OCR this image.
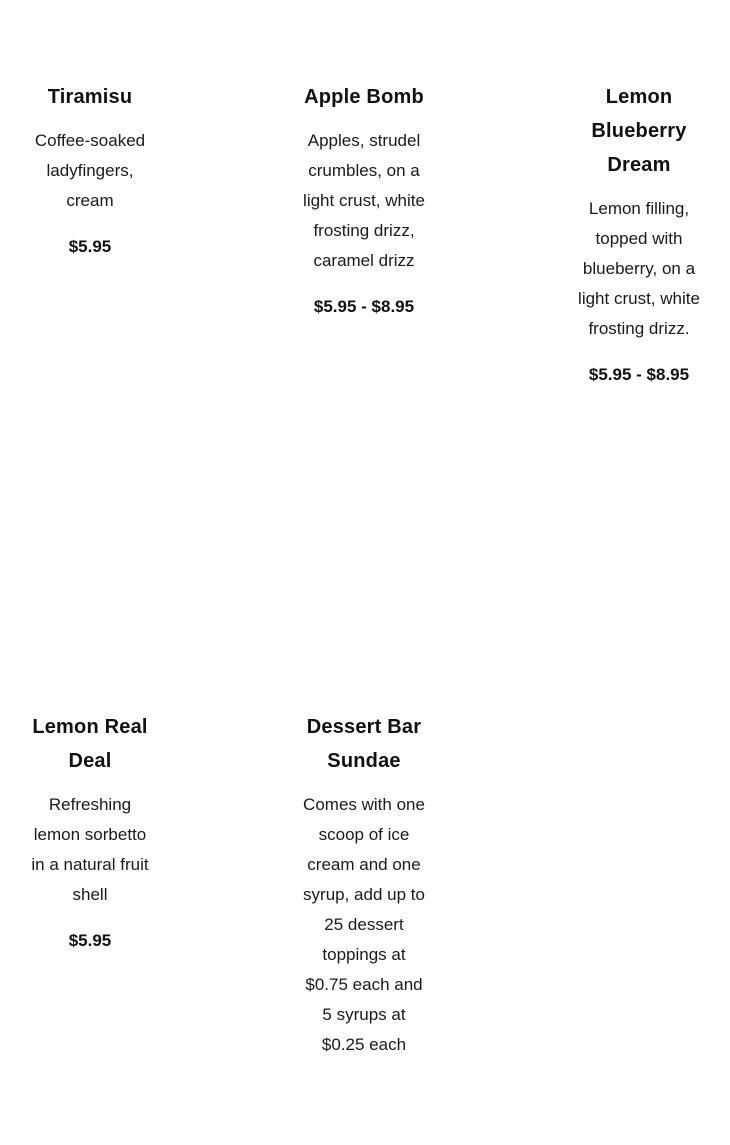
Tiramisu
Coffee-soaked ladyfingers, cream
$5.95
Apple Bomb
Apples, strudel crumbles, on a light crust, white frosting drizz, caramel drizz
$5.95 - $8.95
Lemon Blueberry Dream
Lemon filling, topped with blueberry, on a light crust, white frosting drizz.
$5.95 - $8.95
Lemon Real Deal
Refreshing lemon sorbetto in a natural fruit shell
$5.95
Dessert Bar Sundae
Comes with one scoop of ice cream and one syrup, add up to 25 dessert toppings at $0.75 each and 5 syrups at $0.25 each
